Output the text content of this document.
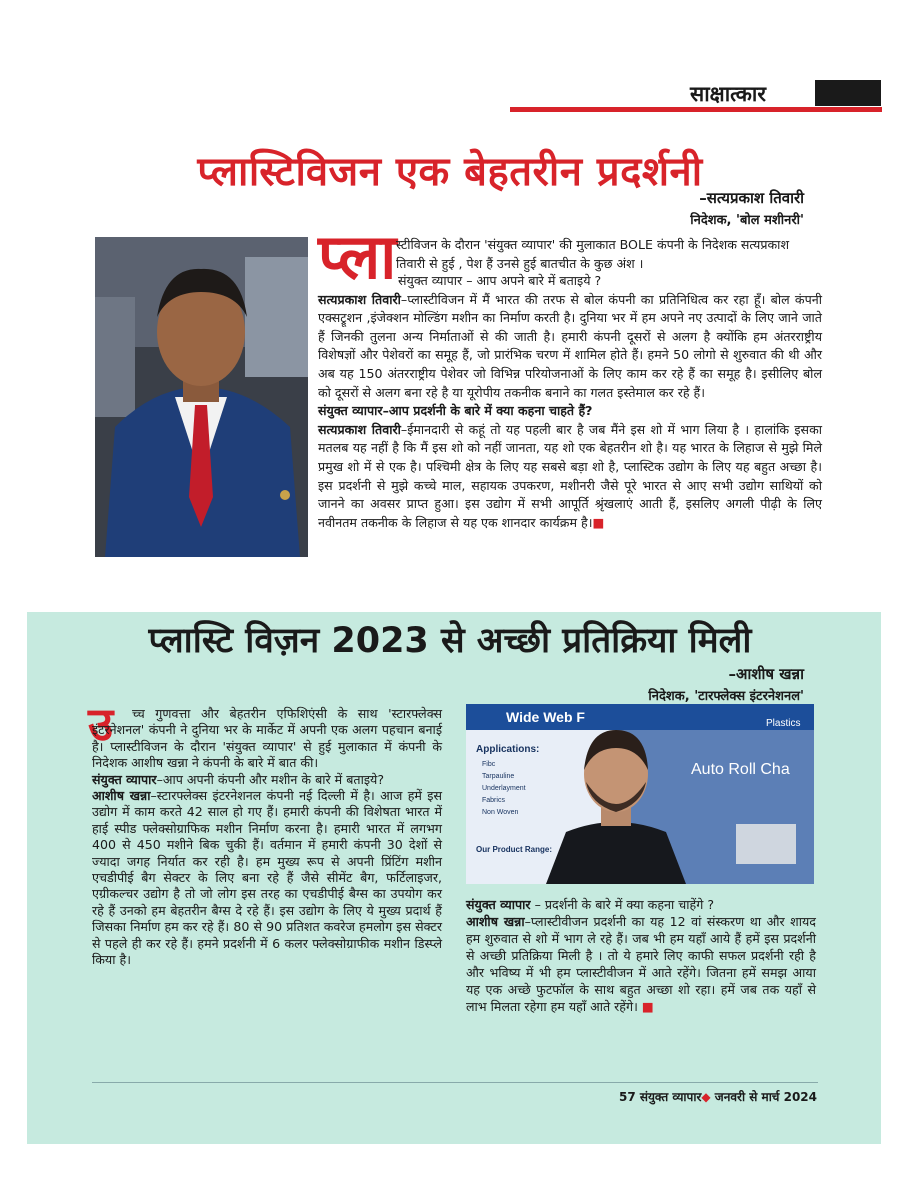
साक्षात्कार
प्लास्टिविजन एक बेहतरीन प्रदर्शनी
–सत्यप्रकाश तिवारी
निदेशक, 'बोल मशीनरी'
प्ला स्टीविजन के दौरान 'संयुक्त व्यापार' की मुलाकात BOLE कंपनी के निदेशक सत्यप्रकाश तिवारी से हुई , पेश हैं उनसे हुई बातचीत के कुछ अंश ।
संयुक्त व्यापार – आप अपने बारे में बताइये ?
सत्यप्रकाश तिवारी–प्लास्टीविजन में मैं भारत की तरफ से बोल कंपनी का प्रतिनिधित्व कर रहा हूँ। बोल कंपनी एक्सट्रूशन ,इंजेक्शन मोल्डिंग मशीन का निर्माण करती है। दुनिया भर में हम अपने नए उत्पादों के लिए जाने जाते हैं जिनकी तुलना अन्य निर्माताओं से की जाती है। हमारी कंपनी दूसरों से अलग है क्योंकि हम अंतरराष्ट्रीय विशेषज्ञों और पेशेवरों का समूह हैं, जो प्रारंभिक चरण में शामिल होते हैं। हमने 50 लोगो से शुरुवात की थी और अब यह 150 अंतरराष्ट्रीय पेशेवर जो विभिन्न परियोजनाओं के लिए काम कर रहे हैं का समूह है। इसीलिए बोल को दूसरों से अलग बना रहे है या यूरोपीय तकनीक बनाने का गलत इस्तेमाल कर रहे हैं।
संयुक्त व्यापार–आप प्रदर्शनी के बारे में क्या कहना चाहते हैं?
सत्यप्रकाश तिवारी–ईमानदारी से कहूं तो यह पहली बार है जब मैंने इस शो में भाग लिया है । हालांकि इसका मतलब यह नहीं है कि मैं इस शो को नहीं जानता, यह शो एक बेहतरीन शो है। यह भारत के लिहाज से मुझे मिले प्रमुख शो में से एक है। पश्चिमी क्षेत्र के लिए यह सबसे बड़ा शो है, प्लास्टिक उद्योग के लिए यह बहुत अच्छा है। इस प्रदर्शनी से मुझे कच्चे माल, सहायक उपकरण, मशीनरी जैसे पूरे भारत से आए सभी उद्योग साथियों को जानने का अवसर प्राप्त हुआ। इस उद्योग में सभी आपूर्ति श्रृंखलाएं आती हैं, इसलिए अगली पीढ़ी के लिए नवीनतम तकनीक के लिहाज से यह एक शानदार कार्यक्रम है।■
प्लास्टि विज़न 2023 से अच्छी प्रतिक्रिया मिली
–आशीष खन्ना
निदेशक, 'टारफ्लेक्स इंटरनेशनल'
उ	च्च गुणवत्ता और बेहतरीन एफिशिएंसी के साथ 'स्टारफ्लेक्स इंटरनेशनल' कंपनी ने दुनिया भर के मार्केट में अपनी एक अलग पहचान बनाई है। प्लास्टीविजन के दौरान 'संयुक्त व्यापार' से हुई मुलाकात में कंपनी के निदेशक आशीष खन्ना ने कंपनी के बारे में बात की।
संयुक्त व्यापार–आप अपनी कंपनी और मशीन के बारे में बताइये?
आशीष खन्ना–स्टारफ्लेक्स इंटरनेशनल कंपनी नई दिल्ली में है। आज हमें इस उद्योग में काम करते 42 साल हो गए हैं। हमारी कंपनी की विशेषता भारत में हाई स्पीड फ्लेक्सोग्राफिक मशीन निर्माण करना है। हमारी भारत में लगभग 400 से 450 मशीने बिक चुकी हैं। वर्तमान में हमारी कंपनी 30 देशों से ज्यादा जगह निर्यात कर रही है। हम मुख्य रूप से अपनी प्रिंटिंग मशीन एचडीपीई बैग सेक्टर के लिए बना रहे हैं जैसे सीमेंट बैग, फर्टिलाइजर, एग्रीकल्चर उद्योग है तो जो लोग इस तरह का एचडीपीई बैग्स का उपयोग कर रहे हैं उनको हम बेहतरीन बैग्स दे रहे हैं। इस उद्योग के लिए ये मुख्य प्रदार्थ हैं जिसका निर्माण हम कर रहे हैं। 80 से 90 प्रतिशत कवरेज हमलोग इस सेक्टर से पहले ही कर रहे हैं। हमने प्रदर्शनी में 6 कलर फ्लेक्सोग्राफीक मशीन डिस्प्ले किया है।
Wide Web F	Plastics
Applications:
Fibc
Tarpauline
Underlayment
Fabrics
Non Woven
Our Product Range:
Auto Roll Cha
संयुक्त व्यापार – प्रदर्शनी के बारे में क्या कहना चाहेंगे ?
आशीष खन्ना–प्लास्टीवीजन प्रदर्शनी का यह 12 वां संस्करण था और शायद हम शुरुवात से शो में भाग ले रहे हैं। जब भी हम यहाँ आये हैं हमें इस प्रदर्शनी से अच्छी प्रतिक्रिया मिली है । तो ये हमारे लिए काफी सफल प्रदर्शनी रही है और भविष्य में भी हम प्लास्टीवीजन में आते रहेंगे। जितना हमें समझ आया यह एक अच्छे फुटफॉल के साथ बहुत अच्छा शो रहा। हमें जब तक यहाँ से लाभ मिलता रहेगा हम यहाँ आते रहेंगे। ■
57 संयुक्त व्यापार◆ जनवरी से मार्च 2024
